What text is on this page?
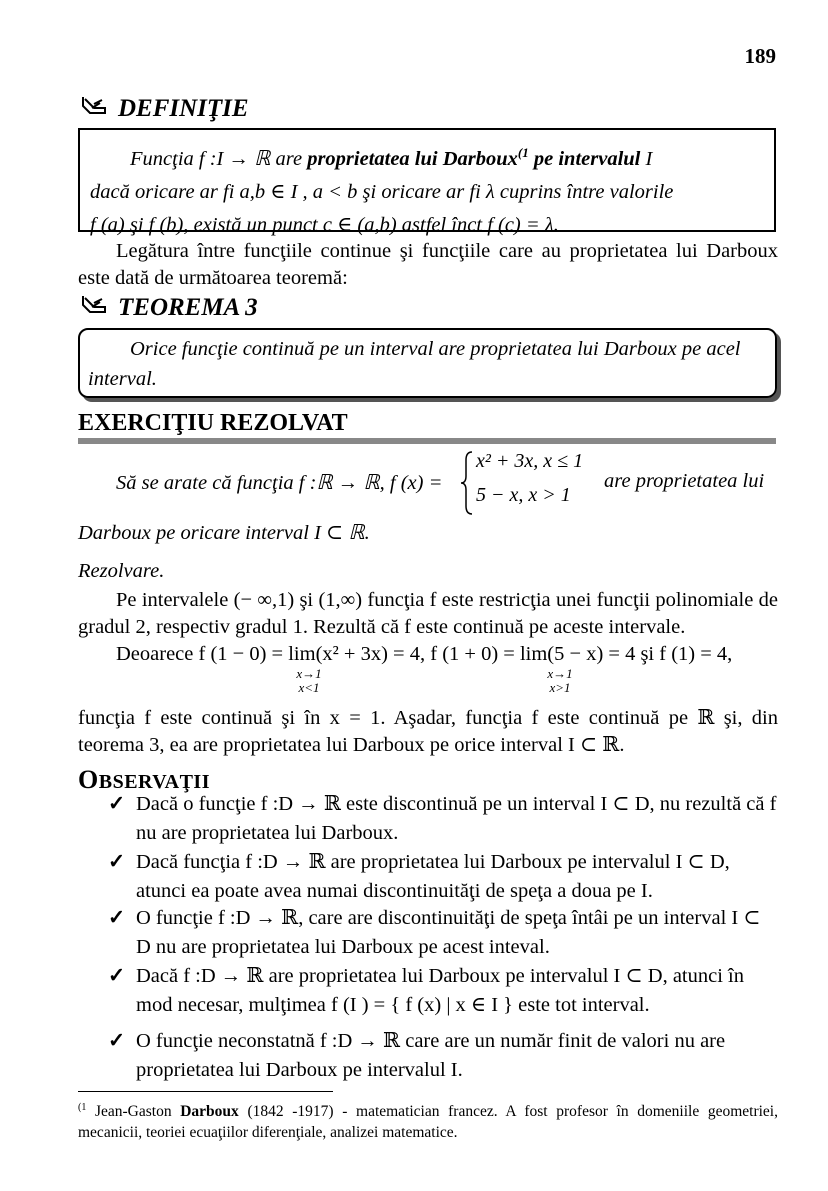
189
DEFINIŢIE
Funcţia f :I → ℝ are proprietatea lui Darboux$^{(1}$ pe intervalul I
dacă oricare ar fi a,b ∈ I , a < b şi oricare ar fi λ cuprins între valorile
f (a) şi f (b), există un punct c ∈ (a,b) astfel înct f (c) = λ.
Legătura între funcţiile continue şi funcţiile care au proprietatea lui Darboux este dată de următoarea teoremă:
TEOREMA 3
Orice funcţie continuă pe un interval are proprietatea lui Darboux pe acel interval.
EXERCIŢIU REZOLVAT
Să se arate că funcţia f :ℝ → ℝ, f (x) =
x² + 3x, x ≤ 1
5 − x, x > 1
are proprietatea lui
Darboux pe oricare interval I ⊂ ℝ.
Rezolvare.
Pe intervalele (− ∞,1) şi (1,∞) funcţia f este restricţia unei funcţii polinomiale de gradul 2, respectiv gradul 1. Rezultă că f este continuă pe aceste intervale.
Deoarece f (1 − 0) = lim(x² + 3x) = 4, f (1 + 0) = lim(5 − x) = 4 şi f (1) = 4,
x→1
x<1
x→1
x>1
funcţia f este continuă şi în x = 1. Aşadar, funcţia f este continuă pe ℝ şi, din teorema 3, ea are proprietatea lui Darboux pe orice interval I ⊂ ℝ.
OBSERVAŢII
✓ Dacă o funcţie f :D → ℝ este discontinuă pe un interval I ⊂ D, nu rezultă că f nu are proprietatea lui Darboux.
✓ Dacă funcţia f :D → ℝ are proprietatea lui Darboux pe intervalul I ⊂ D, atunci ea poate avea numai discontinuităţi de speţa a doua pe I.
✓ O funcţie f :D → ℝ, care are discontinuităţi de speţa întâi pe un interval I ⊂ D nu are proprietatea lui Darboux pe acest inteval.
✓ Dacă f :D → ℝ are proprietatea lui Darboux pe intervalul I ⊂ D, atunci în mod necesar, mulţimea f (I ) = { f (x) | x ∈ I } este tot interval.
✓ O funcţie neconstatnă f :D → ℝ care are un număr finit de valori nu are proprietatea lui Darboux pe intervalul I.
$^{(1}$ Jean-Gaston Darboux (1842 -1917) - matematician francez. A fost profesor în domeniile geometriei, mecanicii, teoriei ecuaţiilor diferenţiale, analizei matematice.
